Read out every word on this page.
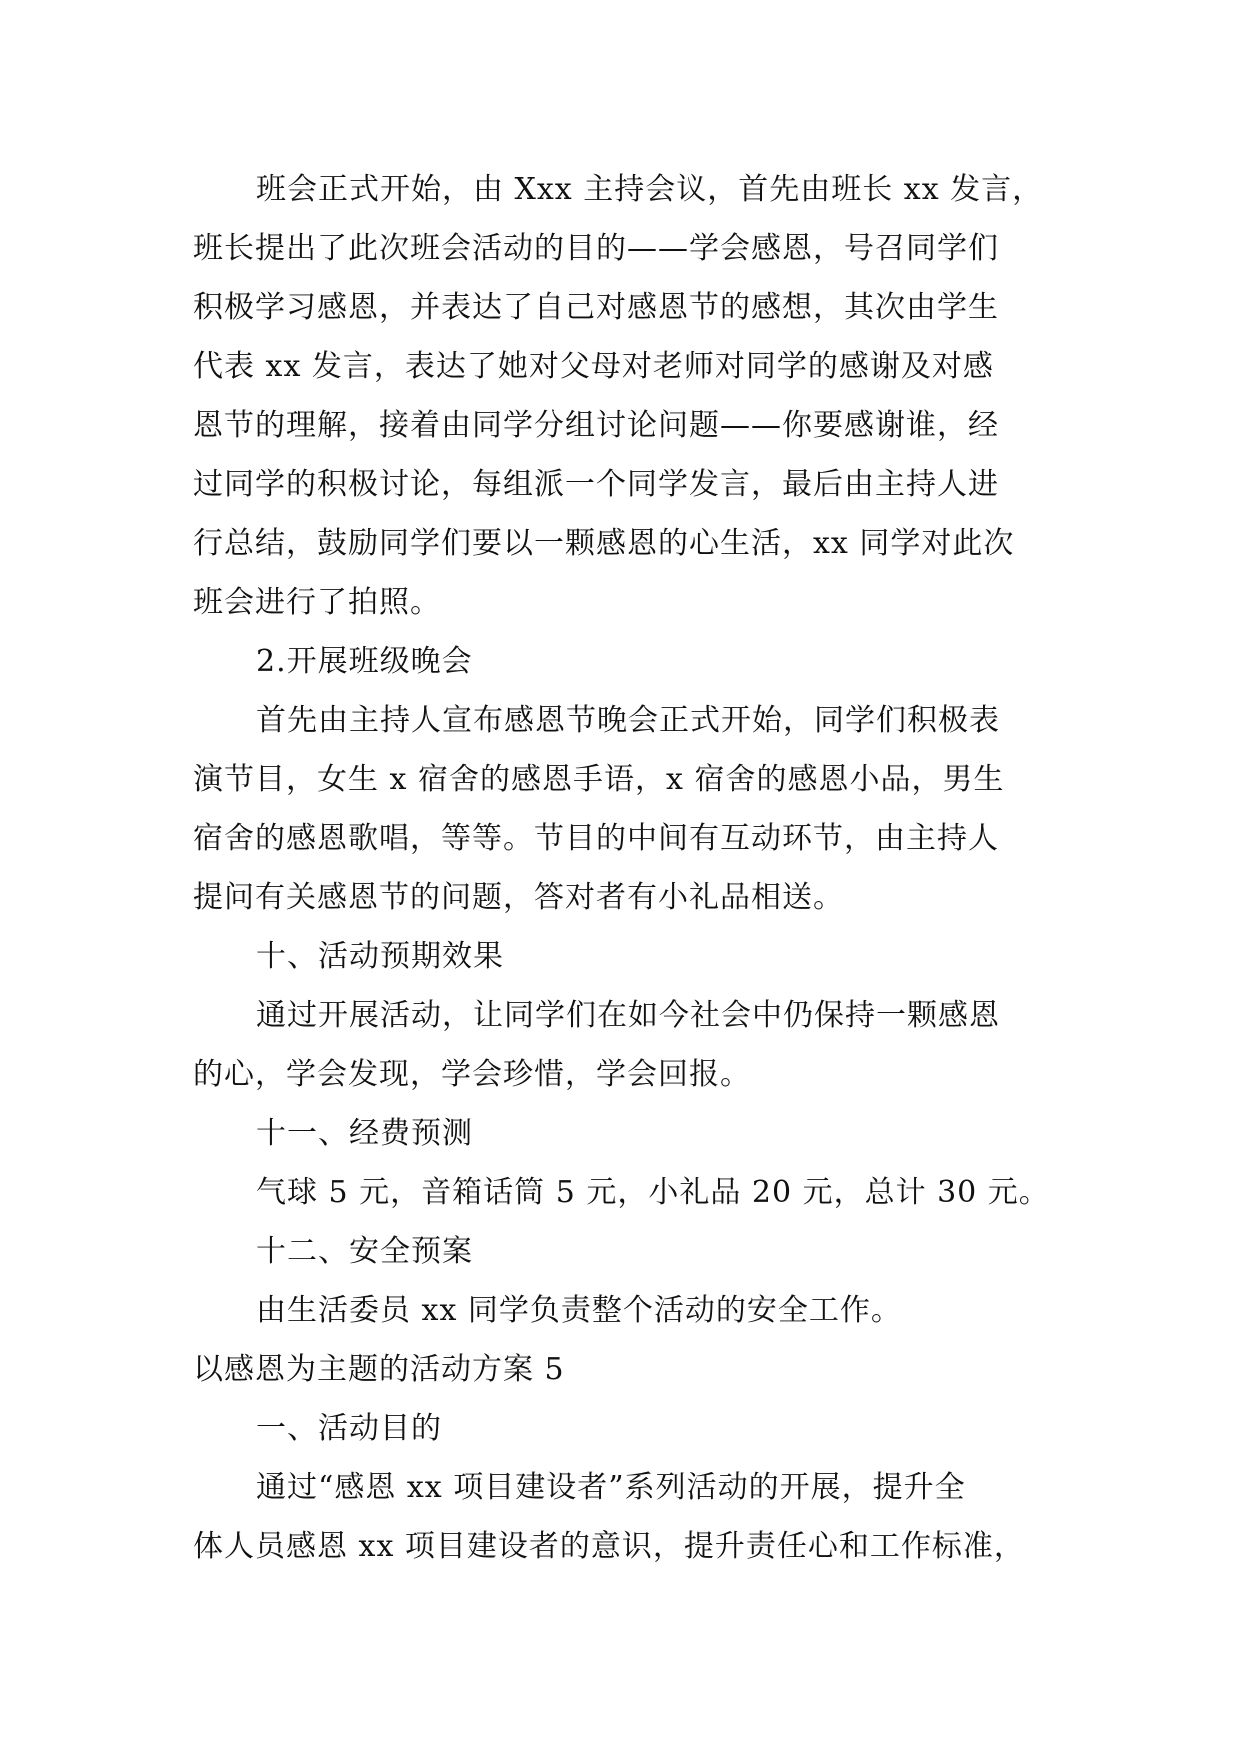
班会正式开始，由 Xxx 主持会议，首先由班长 xx 发言，
班长提出了此次班会活动的目的——学会感恩，号召同学们
积极学习感恩，并表达了自己对感恩节的感想，其次由学生
代表 xx 发言，表达了她对父母对老师对同学的感谢及对感
恩节的理解，接着由同学分组讨论问题——你要感谢谁，经
过同学的积极讨论，每组派一个同学发言，最后由主持人进
行总结，鼓励同学们要以一颗感恩的心生活，xx 同学对此次
班会进行了拍照。
2.开展班级晚会
首先由主持人宣布感恩节晚会正式开始，同学们积极表
演节目，女生 x 宿舍的感恩手语，x 宿舍的感恩小品，男生
宿舍的感恩歌唱，等等。节目的中间有互动环节，由主持人
提问有关感恩节的问题，答对者有小礼品相送。
十、活动预期效果
通过开展活动，让同学们在如今社会中仍保持一颗感恩
的心，学会发现，学会珍惜，学会回报。
十一、经费预测
气球 5 元，音箱话筒 5 元，小礼品 20 元，总计 30 元。
十二、安全预案
由生活委员 xx 同学负责整个活动的安全工作。
以感恩为主题的活动方案 5
一、活动目的
通过“感恩 xx 项目建设者”系列活动的开展，提升全
体人员感恩 xx 项目建设者的意识，提升责任心和工作标准，
